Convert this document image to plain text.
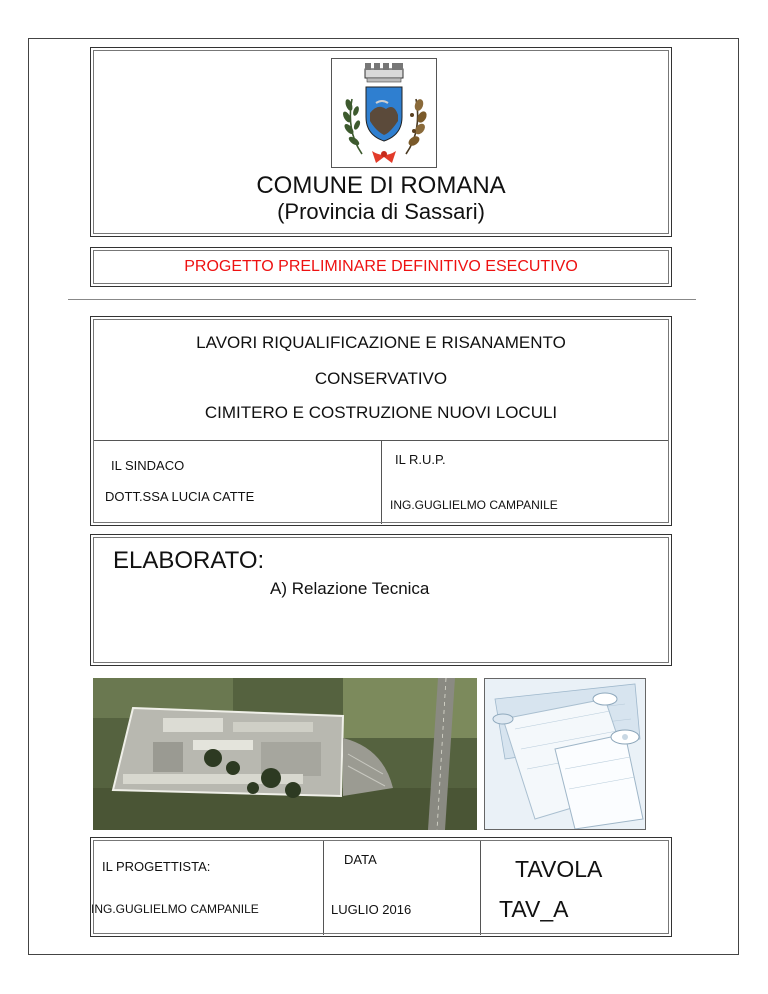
COMUNE DI ROMANA
(Provincia di Sassari)
PROGETTO PRELIMINARE DEFINITIVO ESECUTIVO
LAVORI RIQUALIFICAZIONE E RISANAMENTO
CONSERVATIVO
CIMITERO E COSTRUZIONE NUOVI LOCULI
IL SINDACO
DOTT.SSA LUCIA CATTE
IL R.U.P.
ING.GUGLIELMO CAMPANILE
ELABORATO:
A) Relazione Tecnica
IL PROGETTISTA:
ING.GUGLIELMO CAMPANILE
DATA
LUGLIO 2016
TAVOLA
TAV_A
